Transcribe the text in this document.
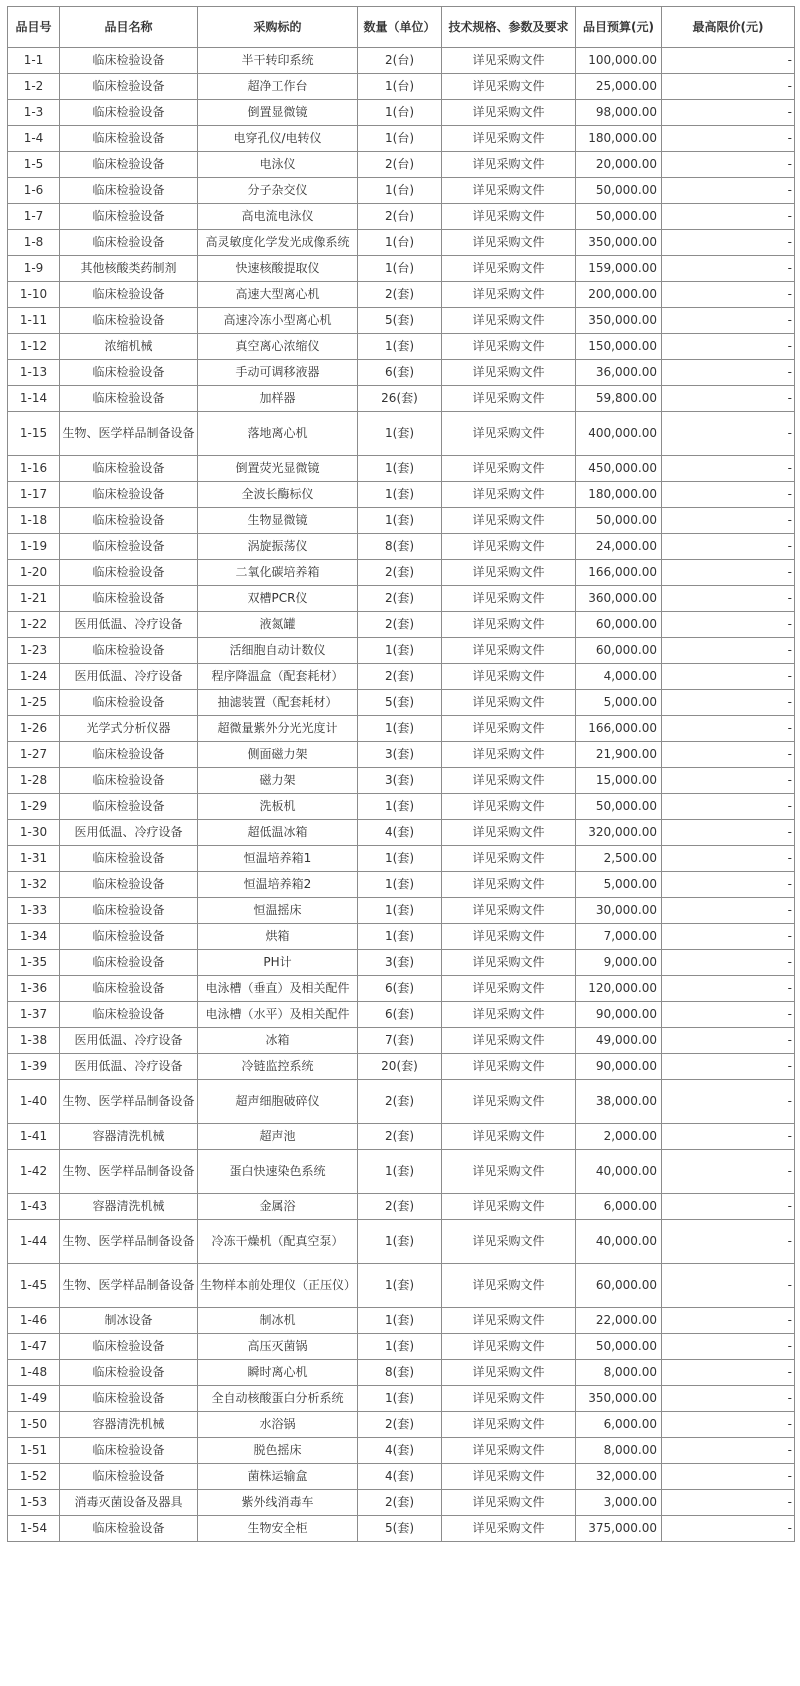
品目号	品目名称	采购标的	数量（单位）	技术规格、参数及要求	品目预算(元)	最高限价(元)
1-1	临床检验设备	半干转印系统	2(台)	详见采购文件	100,000.00	-
1-2	临床检验设备	超净工作台	1(台)	详见采购文件	25,000.00	-
1-3	临床检验设备	倒置显微镜	1(台)	详见采购文件	98,000.00	-
1-4	临床检验设备	电穿孔仪/电转仪	1(台)	详见采购文件	180,000.00	-
1-5	临床检验设备	电泳仪	2(台)	详见采购文件	20,000.00	-
1-6	临床检验设备	分子杂交仪	1(台)	详见采购文件	50,000.00	-
1-7	临床检验设备	高电流电泳仪	2(台)	详见采购文件	50,000.00	-
1-8	临床检验设备	高灵敏度化学发光成像系统	1(台)	详见采购文件	350,000.00	-
1-9	其他核酸类药制剂	快速核酸提取仪	1(台)	详见采购文件	159,000.00	-
1-10	临床检验设备	高速大型离心机	2(套)	详见采购文件	200,000.00	-
1-11	临床检验设备	高速冷冻小型离心机	5(套)	详见采购文件	350,000.00	-
1-12	浓缩机械	真空离心浓缩仪	1(套)	详见采购文件	150,000.00	-
1-13	临床检验设备	手动可调移液器	6(套)	详见采购文件	36,000.00	-
1-14	临床检验设备	加样器	26(套)	详见采购文件	59,800.00	-
1-15	生物、医学样品制备设备	落地离心机	1(套)	详见采购文件	400,000.00	-
1-16	临床检验设备	倒置荧光显微镜	1(套)	详见采购文件	450,000.00	-
1-17	临床检验设备	全波长酶标仪	1(套)	详见采购文件	180,000.00	-
1-18	临床检验设备	生物显微镜	1(套)	详见采购文件	50,000.00	-
1-19	临床检验设备	涡旋振荡仪	8(套)	详见采购文件	24,000.00	-
1-20	临床检验设备	二氧化碳培养箱	2(套)	详见采购文件	166,000.00	-
1-21	临床检验设备	双槽PCR仪	2(套)	详见采购文件	360,000.00	-
1-22	医用低温、冷疗设备	液氮罐	2(套)	详见采购文件	60,000.00	-
1-23	临床检验设备	活细胞自动计数仪	1(套)	详见采购文件	60,000.00	-
1-24	医用低温、冷疗设备	程序降温盒（配套耗材）	2(套)	详见采购文件	4,000.00	-
1-25	临床检验设备	抽滤装置（配套耗材）	5(套)	详见采购文件	5,000.00	-
1-26	光学式分析仪器	超微量紫外分光光度计	1(套)	详见采购文件	166,000.00	-
1-27	临床检验设备	侧面磁力架	3(套)	详见采购文件	21,900.00	-
1-28	临床检验设备	磁力架	3(套)	详见采购文件	15,000.00	-
1-29	临床检验设备	洗板机	1(套)	详见采购文件	50,000.00	-
1-30	医用低温、冷疗设备	超低温冰箱	4(套)	详见采购文件	320,000.00	-
1-31	临床检验设备	恒温培养箱1	1(套)	详见采购文件	2,500.00	-
1-32	临床检验设备	恒温培养箱2	1(套)	详见采购文件	5,000.00	-
1-33	临床检验设备	恒温摇床	1(套)	详见采购文件	30,000.00	-
1-34	临床检验设备	烘箱	1(套)	详见采购文件	7,000.00	-
1-35	临床检验设备	PH计	3(套)	详见采购文件	9,000.00	-
1-36	临床检验设备	电泳槽（垂直）及相关配件	6(套)	详见采购文件	120,000.00	-
1-37	临床检验设备	电泳槽（水平）及相关配件	6(套)	详见采购文件	90,000.00	-
1-38	医用低温、冷疗设备	冰箱	7(套)	详见采购文件	49,000.00	-
1-39	医用低温、冷疗设备	冷链监控系统	20(套)	详见采购文件	90,000.00	-
1-40	生物、医学样品制备设备	超声细胞破碎仪	2(套)	详见采购文件	38,000.00	-
1-41	容器清洗机械	超声池	2(套)	详见采购文件	2,000.00	-
1-42	生物、医学样品制备设备	蛋白快速染色系统	1(套)	详见采购文件	40,000.00	-
1-43	容器清洗机械	金属浴	2(套)	详见采购文件	6,000.00	-
1-44	生物、医学样品制备设备	冷冻干燥机（配真空泵）	1(套)	详见采购文件	40,000.00	-
1-45	生物、医学样品制备设备	生物样本前处理仪（正压仪）	1(套)	详见采购文件	60,000.00	-
1-46	制冰设备	制冰机	1(套)	详见采购文件	22,000.00	-
1-47	临床检验设备	高压灭菌锅	1(套)	详见采购文件	50,000.00	-
1-48	临床检验设备	瞬时离心机	8(套)	详见采购文件	8,000.00	-
1-49	临床检验设备	全自动核酸蛋白分析系统	1(套)	详见采购文件	350,000.00	-
1-50	容器清洗机械	水浴锅	2(套)	详见采购文件	6,000.00	-
1-51	临床检验设备	脱色摇床	4(套)	详见采购文件	8,000.00	-
1-52	临床检验设备	菌株运输盒	4(套)	详见采购文件	32,000.00	-
1-53	消毒灭菌设备及器具	紫外线消毒车	2(套)	详见采购文件	3,000.00	-
1-54	临床检验设备	生物安全柜	5(套)	详见采购文件	375,000.00	-
